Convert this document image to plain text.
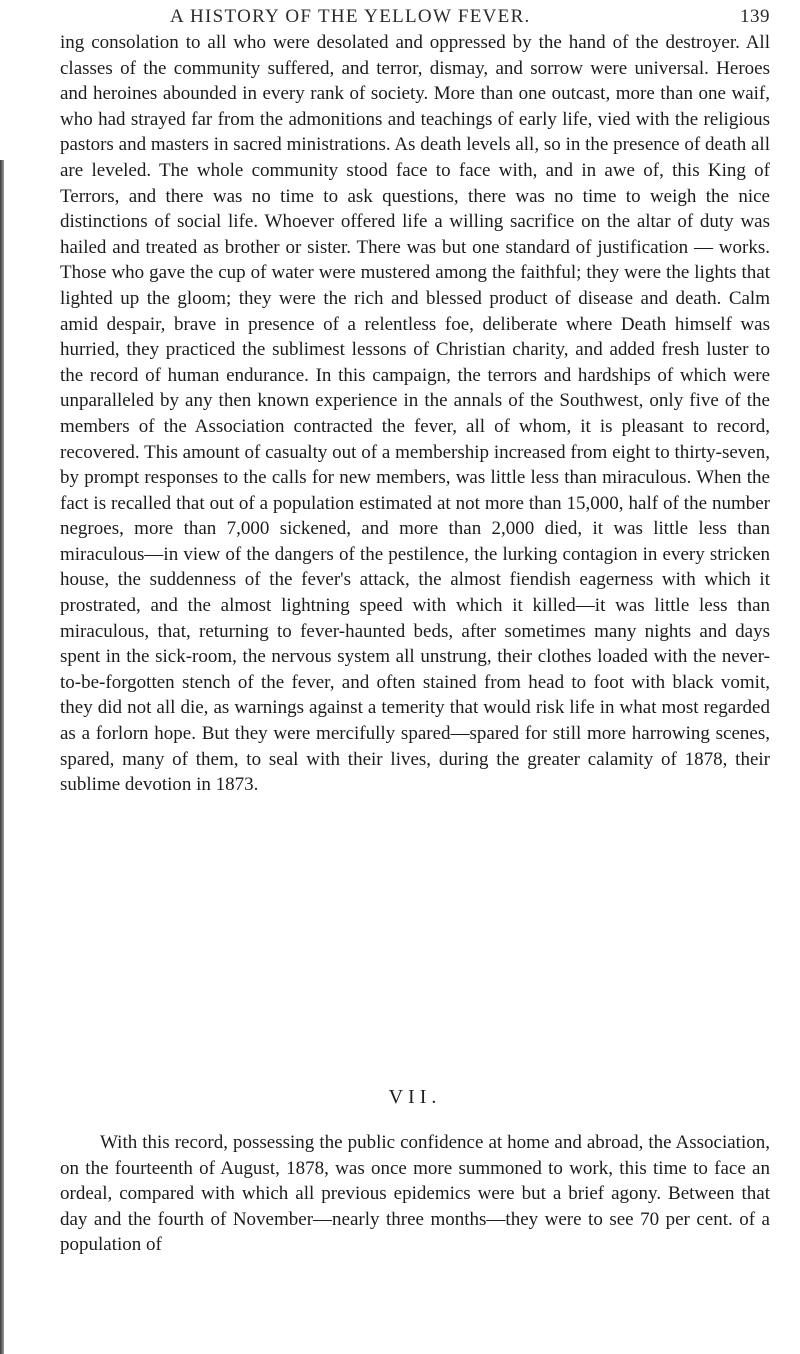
A HISTORY OF THE YELLOW FEVER.	139
ing consolation to all who were desolated and oppressed by the hand of the destroyer. All classes of the community suffered, and terror, dismay, and sorrow were universal. Heroes and heroines abounded in every rank of society. More than one outcast, more than one waif, who had strayed far from the admonitions and teachings of early life, vied with the religious pastors and masters in sacred ministrations. As death levels all, so in the presence of death all are leveled. The whole community stood face to face with, and in awe of, this King of Terrors, and there was no time to ask questions, there was no time to weigh the nice distinctions of social life. Whoever offered life a willing sacrifice on the altar of duty was hailed and treated as brother or sister. There was but one standard of justification — works. Those who gave the cup of water were mustered among the faithful; they were the lights that lighted up the gloom; they were the rich and blessed product of disease and death. Calm amid despair, brave in presence of a relentless foe, deliberate where Death himself was hurried, they practiced the sublimest lessons of Christian charity, and added fresh luster to the record of human endurance. In this campaign, the terrors and hardships of which were unparalleled by any then known experience in the annals of the Southwest, only five of the members of the Association contracted the fever, all of whom, it is pleasant to record, recovered. This amount of casualty out of a membership increased from eight to thirty-seven, by prompt responses to the calls for new members, was little less than miraculous. When the fact is recalled that out of a population estimated at not more than 15,000, half of the number negroes, more than 7,000 sickened, and more than 2,000 died, it was little less than miraculous—in view of the dangers of the pestilence, the lurking contagion in every stricken house, the suddenness of the fever's attack, the almost fiendish eagerness with which it prostrated, and the almost lightning speed with which it killed—it was little less than miraculous, that, returning to fever-haunted beds, after sometimes many nights and days spent in the sick-room, the nervous system all unstrung, their clothes loaded with the never-to-be-forgotten stench of the fever, and often stained from head to foot with black vomit, they did not all die, as warnings against a temerity that would risk life in what most regarded as a forlorn hope. But they were mercifully spared—spared for still more harrowing scenes, spared, many of them, to seal with their lives, during the greater calamity of 1878, their sublime devotion in 1873.
VII.
With this record, possessing the public confidence at home and abroad, the Association, on the fourteenth of August, 1878, was once more summoned to work, this time to face an ordeal, compared with which all previous epidemics were but a brief agony. Between that day and the fourth of November—nearly three months—they were to see 70 per cent. of a population of
